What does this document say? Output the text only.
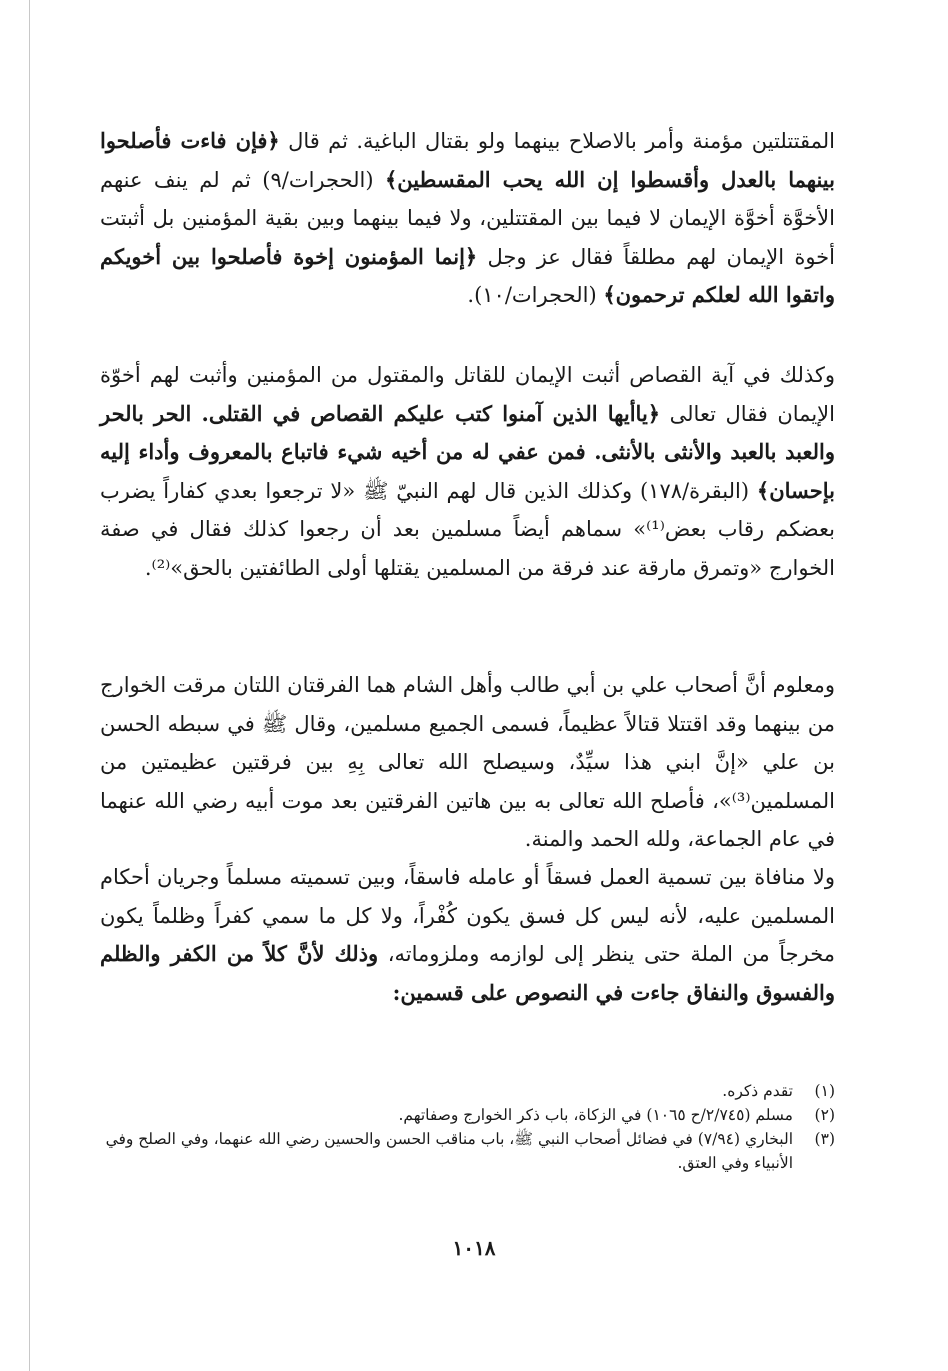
المقتتلتين مؤمنة وأمر بالاصلاح بينهما ولو بقتال الباغية. ثم قال ﴿فإن فاءت فأصلحوا بينهما بالعدل وأقسطوا إن الله يحب المقسطين﴾ (الحجرات/٩) ثم لم ينف عنهم الأخوَّة أخوَّة الإيمان لا فيما بين المقتتلين، ولا فيما بينهما وبين بقية المؤمنين بل أثبتت أخوة الإيمان لهم مطلقاً فقال عز وجل ﴿إنما المؤمنون إخوة فأصلحوا بين أخويكم واتقوا الله لعلكم ترحمون﴾ (الحجرات/١٠).
وكذلك في آية القصاص أثبت الإيمان للقاتل والمقتول من المؤمنين وأثبت لهم أخوّة الإيمان فقال تعالى ﴿ياأيها الذين آمنوا كتب عليكم القصاص في القتلى. الحر بالحر والعبد بالعبد والأنثى بالأنثى. فمن عفي له من أخيه شيء فاتباع بالمعروف وأداء إليه بإحسان﴾ (البقرة/١٧٨) وكذلك الذين قال لهم النبيّ ﷺ «لا ترجعوا بعدي كفاراً يضرب بعضكم رقاب بعض⁽¹⁾» سماهم أيضاً مسلمين بعد أن رجعوا كذلك فقال في صفة الخوارج «وتمرق مارقة عند فرقة من المسلمين يقتلها أولى الطائفتين بالحق»⁽²⁾.
ومعلوم أنَّ أصحاب علي بن أبي طالب وأهل الشام هما الفرقتان اللتان مرقت الخوارج من بينهما وقد اقتتلا قتالاً عظيماً، فسمى الجميع مسلمين، وقال ﷺ في سبطه الحسن بن علي «إنَّ ابني هذا سيِّدٌ، وسيصلح الله تعالى بِهِ بين فرقتين عظيمتين من المسلمين⁽³⁾»، فأصلح الله تعالى به بين هاتين الفرقتين بعد موت أبيه رضي الله عنهما في عام الجماعة، ولله الحمد والمنة.
ولا منافاة بين تسمية العمل فسقاً أو عامله فاسقاً، وبين تسميته مسلماً وجريان أحكام المسلمين عليه، لأنه ليس كل فسق يكون كُفْراً، ولا كل ما سمي كفراً وظلماً يكون مخرجاً من الملة حتى ينظر إلى لوازمه وملزوماته، وذلك لأنَّ كلاً من الكفر والظلم والفسوق والنفاق جاءت في النصوص على قسمين:
(١)
تقدم ذكره.
(٢)
مسلم (٢/٧٤٥/ح ١٠٦٥) في الزكاة، باب ذكر الخوارج وصفاتهم.
(٣)
البخاري (٧/٩٤) في فضائل أصحاب النبي ﷺ، باب مناقب الحسن والحسين رضي الله عنهما، وفي الصلح وفي الأنبياء وفي العتق.
١٠١٨
